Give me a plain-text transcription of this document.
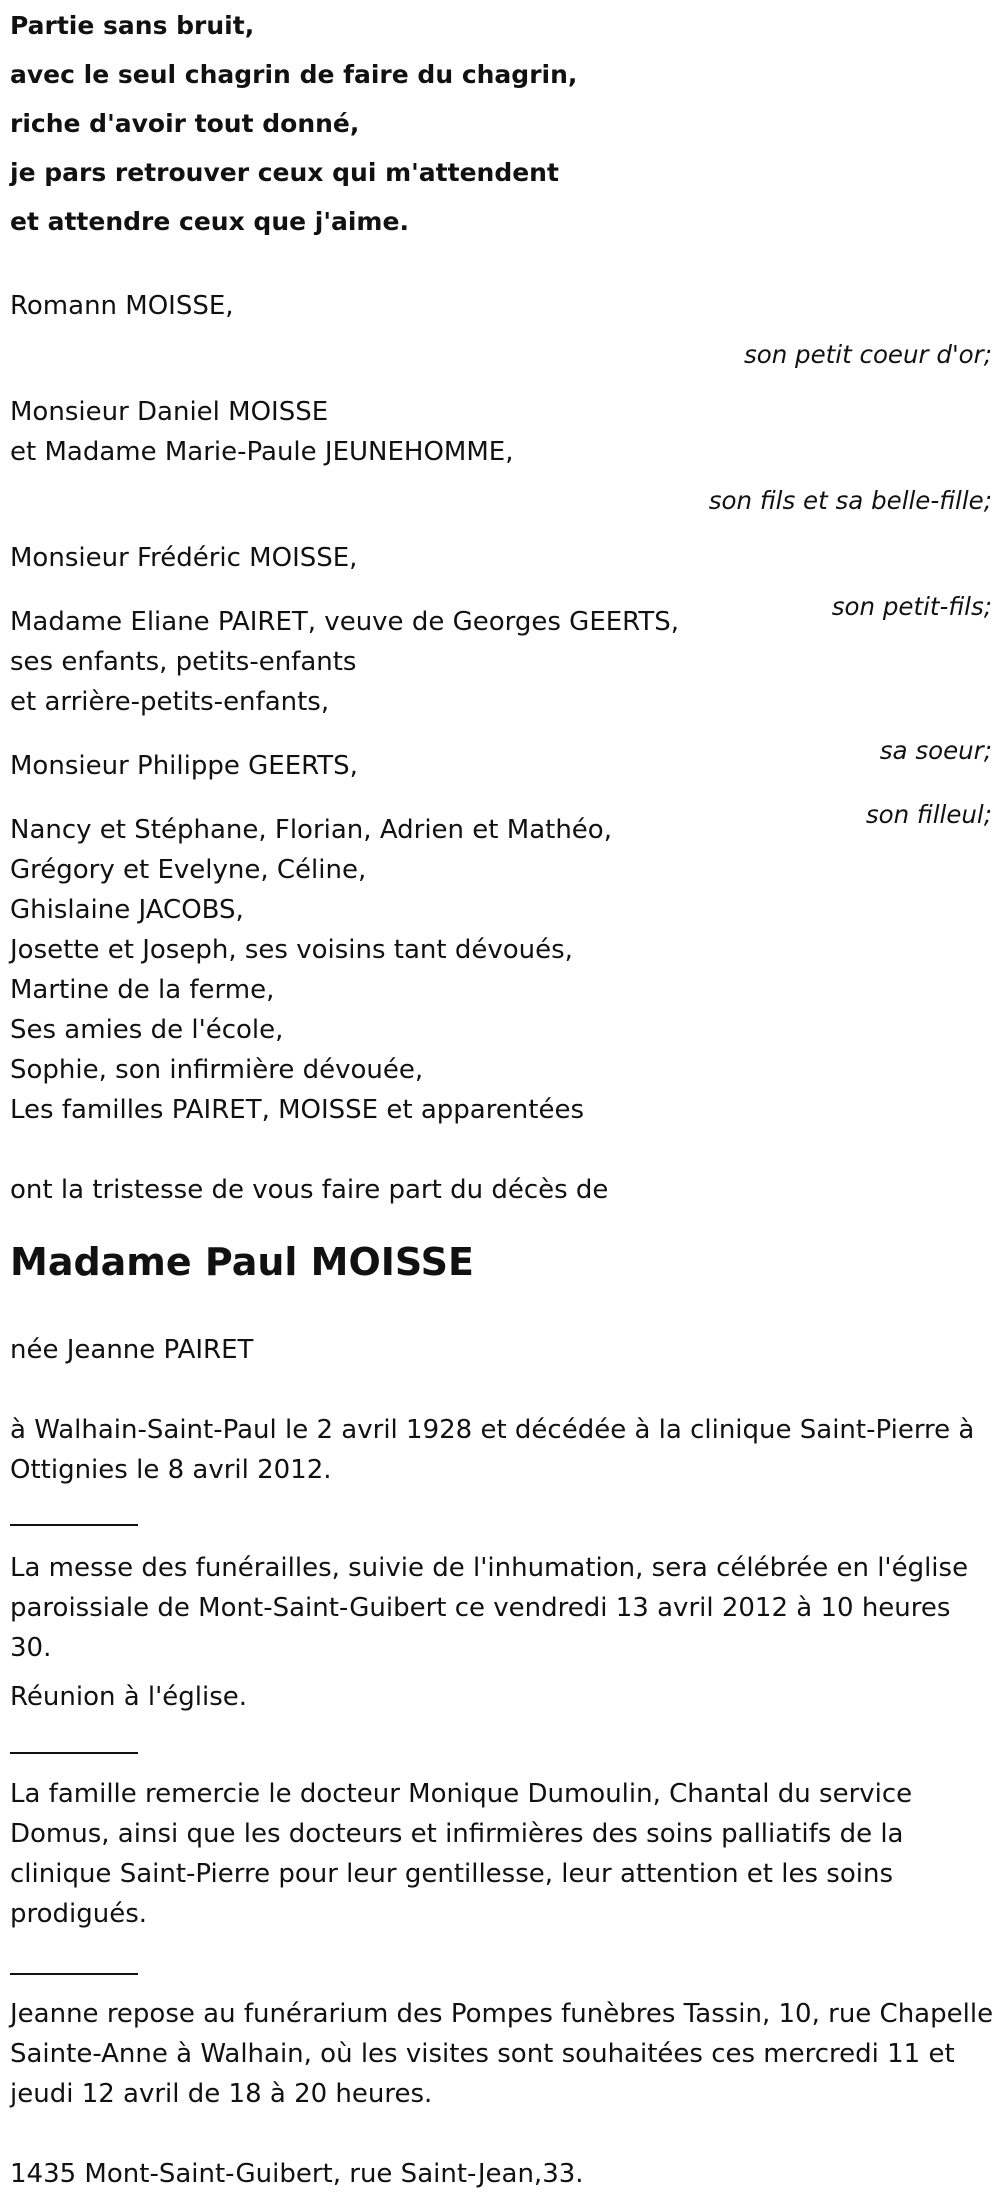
Partie sans bruit,

avec le seul chagrin de faire du chagrin,

riche d'avoir tout donné,

je pars retrouver ceux qui m'attendent

et attendre ceux que j'aime.

Romann MOISSE,

son petit coeur d'or;

Monsieur Daniel MOISSE

et Madame Marie-Paule JEUNEHOMME,

son fils et sa belle-fille;

Monsieur Frédéric MOISSE,

son petit-fils;

Madame Eliane PAIRET, veuve de Georges GEERTS,

ses enfants, petits-enfants

et arrière-petits-enfants,

sa soeur;

Monsieur Philippe GEERTS,

son filleul;

Nancy et Stéphane, Florian, Adrien et Mathéo,

Grégory et Evelyne, Céline,

Ghislaine JACOBS,

Josette et Joseph, ses voisins tant dévoués,

Martine de la ferme,

Ses amies de l'école,

Sophie, son infirmière dévouée,

Les familles PAIRET, MOISSE et apparentées

ont la tristesse de vous faire part du décès de

Madame Paul MOISSE

née Jeanne PAIRET

à Walhain-Saint-Paul le 2 avril 1928 et décédée à la clinique Saint-Pierre à Ottignies le 8 avril 2012.

La messe des funérailles, suivie de l'inhumation, sera célébrée en l'église paroissiale de Mont-Saint-Guibert ce vendredi 13 avril 2012 à 10 heures 30.

Réunion à l'église.

La famille remercie le docteur Monique Dumoulin, Chantal du service Domus, ainsi que les docteurs et infirmières des soins palliatifs de la clinique Saint-Pierre pour leur gentillesse, leur attention et les soins prodigués.

Jeanne repose au funérarium des Pompes funèbres Tassin, 10, rue Chapelle Sainte-Anne à Walhain, où les visites sont souhaitées ces mercredi 11 et jeudi 12 avril de 18 à 20 heures.

1435 Mont-Saint-Guibert, rue Saint-Jean,33.
